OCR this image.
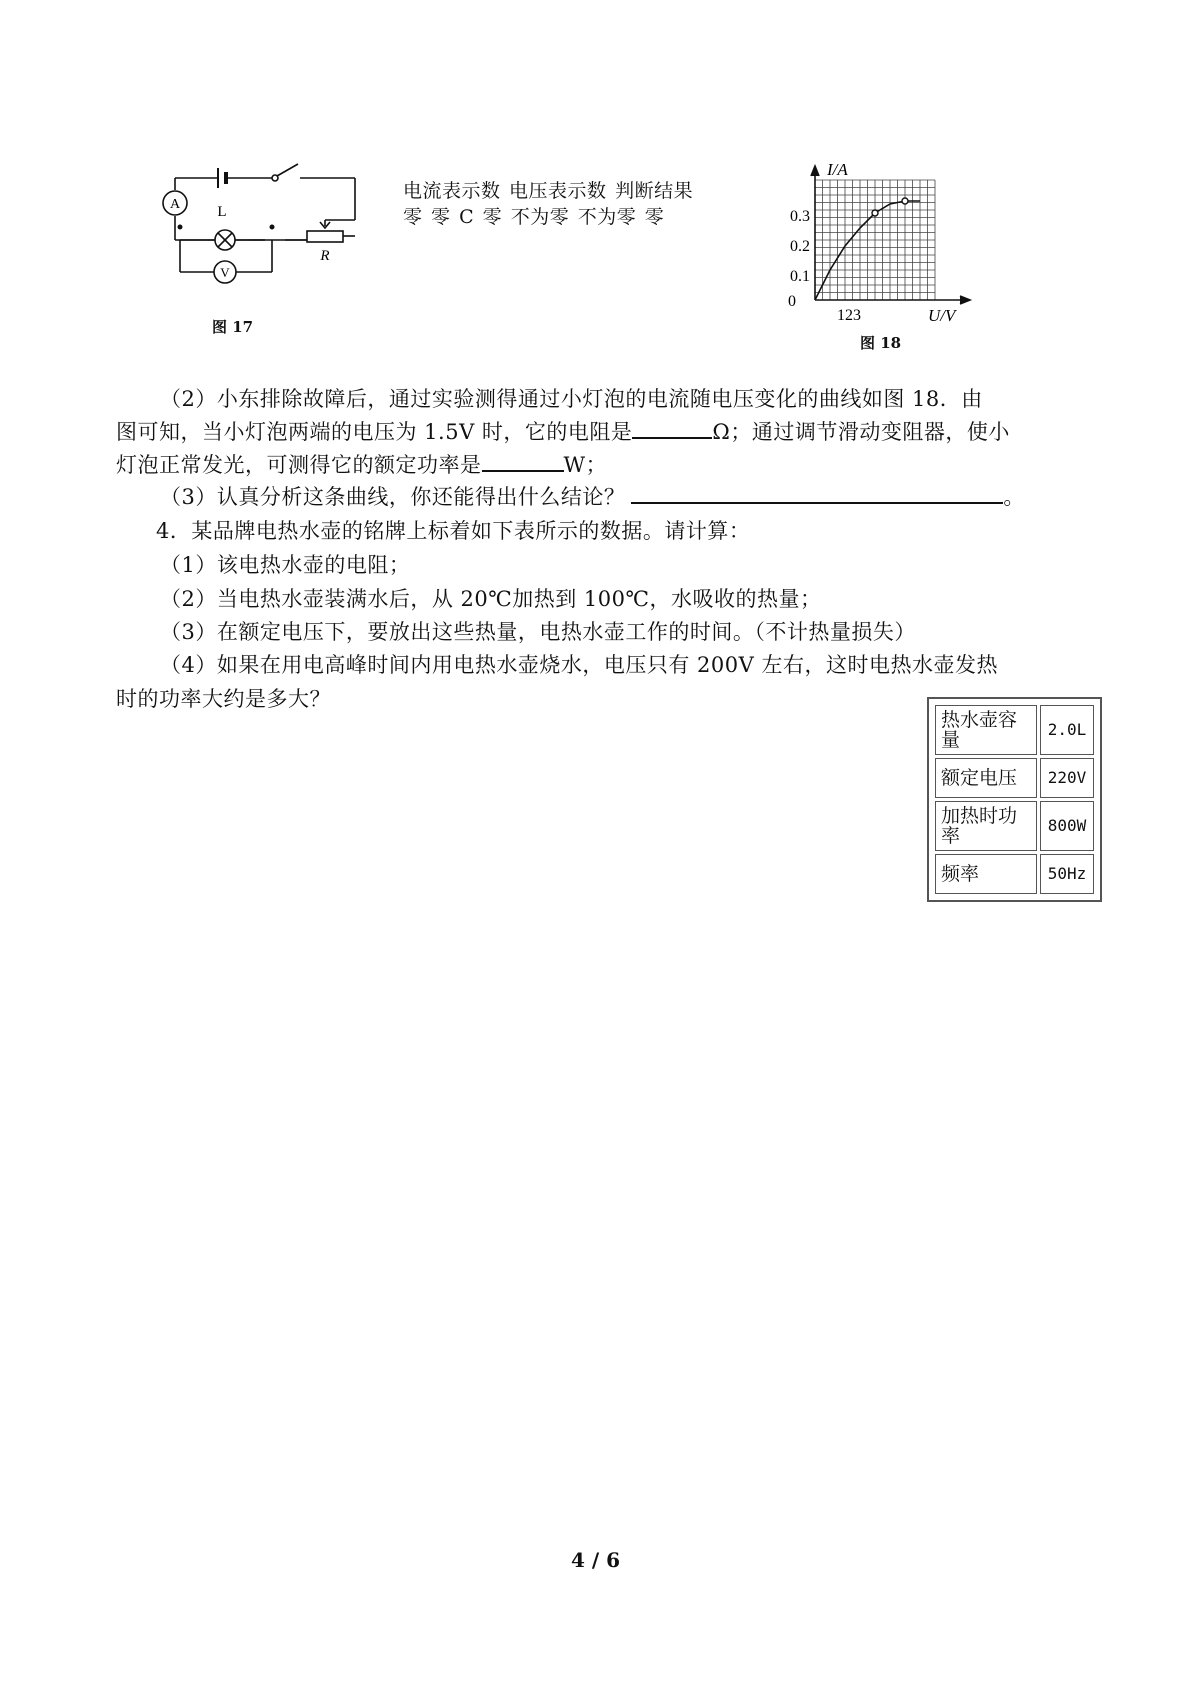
A L
V
R
图 17
电流表示数 电压表示数 判断结果
零 零 C 零 不为零 不为零 零
I/A
0.3
0.2
0.1
0
123	U/V
图 18
（2）小东排除故障后，通过实验测得通过小灯泡的电流随电压变化的曲线如图 18．由
图可知，当小灯泡两端的电压为 1.5V 时，它的电阻是	Ω；通过调节滑动变阻器，使小
灯泡正常发光，可测得它的额定功率是	W；
（3）认真分析这条曲线，你还能得出什么结论？	。
4．某品牌电热水壶的铭牌上标着如下表所示的数据。请计算：
（1）该电热水壶的电阻；
（2）当电热水壶装满水后，从 20℃加热到 100℃，水吸收的热量；
（3）在额定电压下，要放出这些热量，电热水壶工作的时间。（不计热量损失）
（4）如果在用电高峰时间内用电热水壶烧水，电压只有 200V 左右，这时电热水壶发热
时的功率大约是多大？
热水壶容量	2.0L
额定电压	220V
加热时功率	800W
频率	50Hz
4 / 6
